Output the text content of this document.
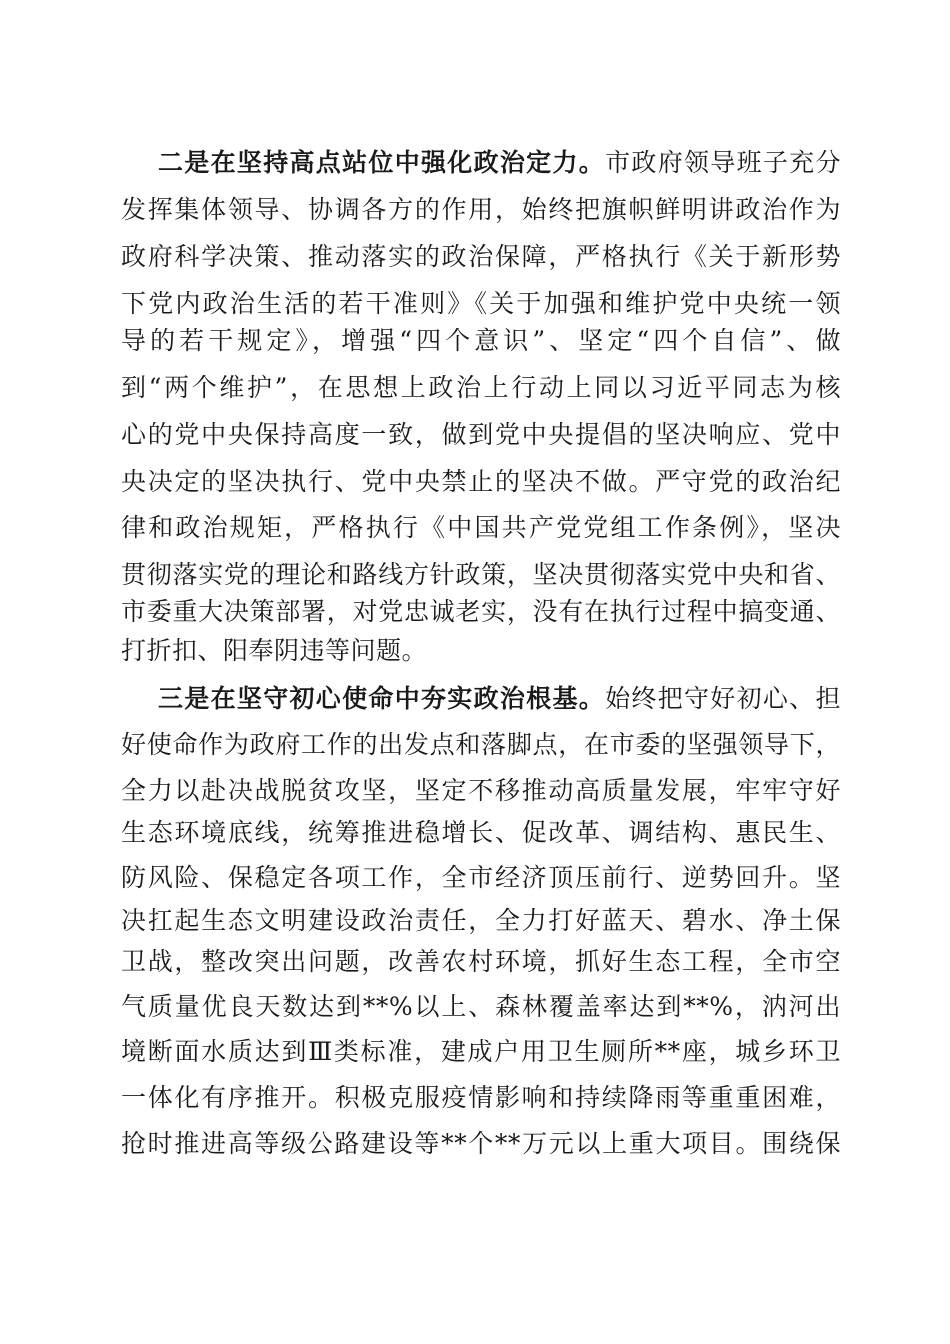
二是在坚持高点站位中强化政治定力。市政府领导班子充分
发挥集体领导、协调各方的作用，始终把旗帜鲜明讲政治作为
政府科学决策、推动落实的政治保障，严格执行《关于新形势
下党内政治生活的若干准则》《关于加强和维护党中央统一领
导的若干规定》，增强“四个意识”、坚定“四个自信”、做
到“两个维护”，在思想上政治上行动上同以习近平同志为核
心的党中央保持高度一致，做到党中央提倡的坚决响应、党中
央决定的坚决执行、党中央禁止的坚决不做。严守党的政治纪
律和政治规矩，严格执行《中国共产党党组工作条例》，坚决
贯彻落实党的理论和路线方针政策，坚决贯彻落实党中央和省、
市委重大决策部署，对党忠诚老实，没有在执行过程中搞变通、
打折扣、阳奉阴违等问题。
三是在坚守初心使命中夯实政治根基。始终把守好初心、担
好使命作为政府工作的出发点和落脚点，在市委的坚强领导下，
全力以赴决战脱贫攻坚，坚定不移推动高质量发展，牢牢守好
生态环境底线，统筹推进稳增长、促改革、调结构、惠民生、
防风险、保稳定各项工作，全市经济顶压前行、逆势回升。坚
决扛起生态文明建设政治责任，全力打好蓝天、碧水、净土保
卫战，整改突出问题，改善农村环境，抓好生态工程，全市空
气质量优良天数达到**%以上、森林覆盖率达到**%，汭河出
境断面水质达到Ⅲ类标准，建成户用卫生厕所**座，城乡环卫
一体化有序推开。积极克服疫情影响和持续降雨等重重困难，
抢时推进高等级公路建设等**个**万元以上重大项目。围绕保
